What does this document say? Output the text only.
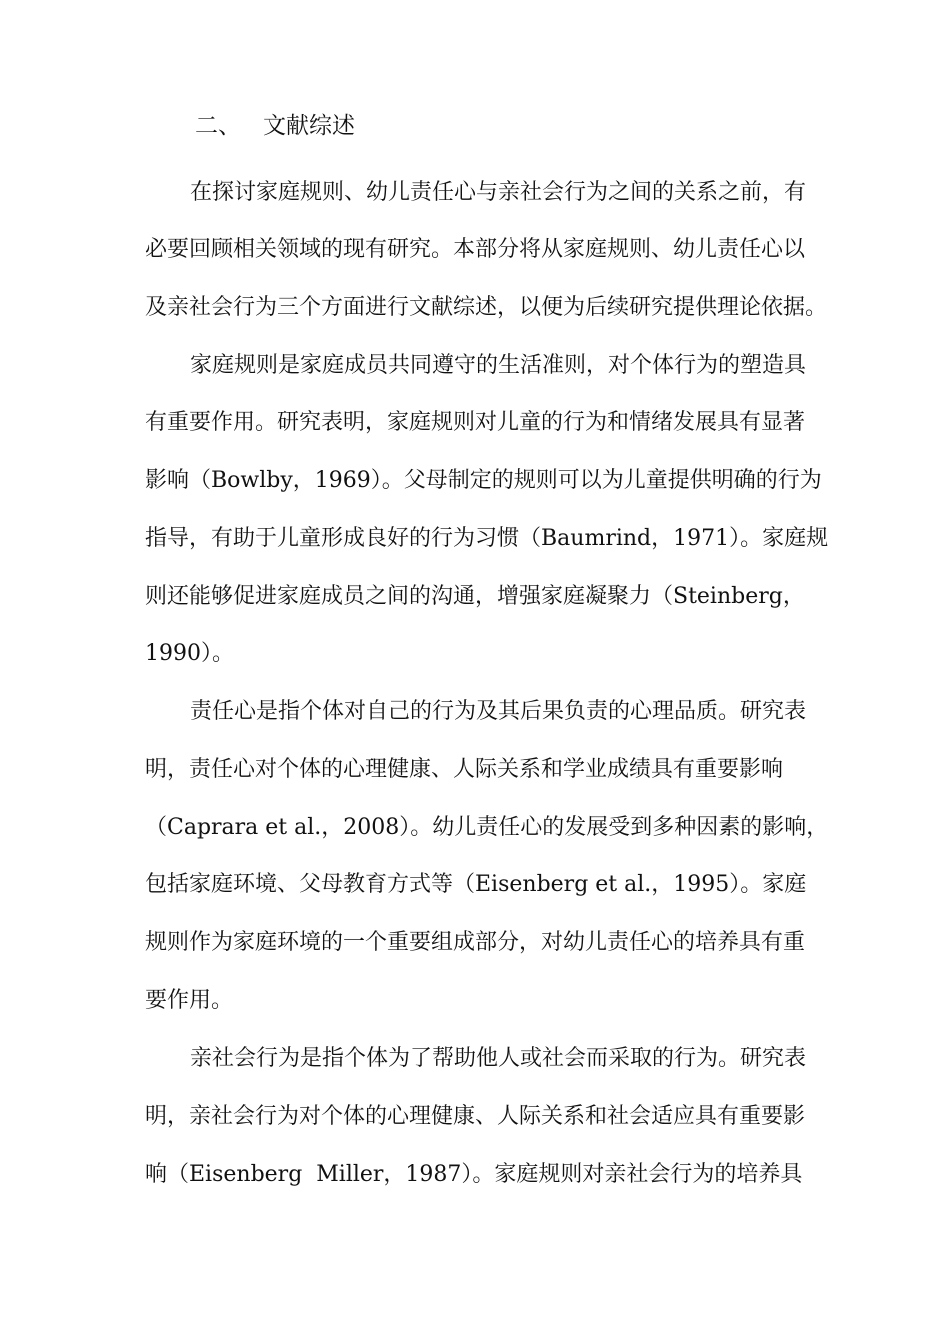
二、 文献综述
在探讨家庭规则、幼儿责任心与亲社会行为之间的关系之前，有
必要回顾相关领域的现有研究。本部分将从家庭规则、幼儿责任心以
及亲社会行为三个方面进行文献综述，以便为后续研究提供理论依据。
家庭规则是家庭成员共同遵守的生活准则，对个体行为的塑造具
有重要作用。研究表明，家庭规则对儿童的行为和情绪发展具有显著
影响（Bowlby，1969）。父母制定的规则可以为儿童提供明确的行为
指导，有助于儿童形成良好的行为习惯（Baumrind，1971）。家庭规
则还能够促进家庭成员之间的沟通，增强家庭凝聚力（Steinberg，
1990）。
责任心是指个体对自己的行为及其后果负责的心理品质。研究表
明，责任心对个体的心理健康、人际关系和学业成绩具有重要影响
（Caprara et al.，2008）。幼儿责任心的发展受到多种因素的影响，
包括家庭环境、父母教育方式等（Eisenberg et al.，1995）。家庭
规则作为家庭环境的一个重要组成部分，对幼儿责任心的培养具有重
要作用。
亲社会行为是指个体为了帮助他人或社会而采取的行为。研究表
明，亲社会行为对个体的心理健康、人际关系和社会适应具有重要影
响（Eisenberg  Miller，1987）。家庭规则对亲社会行为的培养具
